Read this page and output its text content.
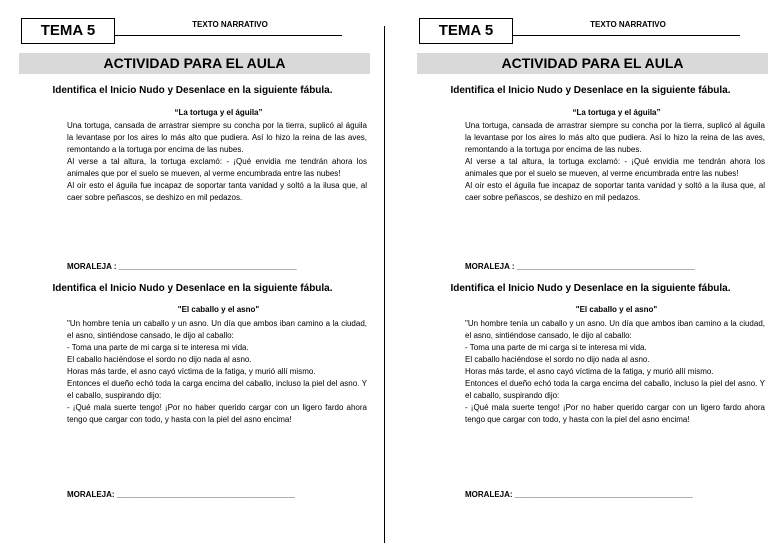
TEMA 5	TEXTO NARRATIVO
ACTIVIDAD PARA EL AULA
Identifica el Inicio Nudo y Desenlace en la siguiente fábula.
“La tortuga y el águila”

Una tortuga, cansada de arrastrar siempre su concha por la tierra, suplicó al águila la levantase por los aires lo más alto que pudiera. Así lo hizo la reina de las aves, remontando a la tortuga por encima de las nubes.

Al verse a tal altura, la tortuga exclamó: - ¡Qué envidia me tendrán ahora los animales que por el suelo se mueven, al verme encumbrada entre las nubes!

Al oír esto el águila fue incapaz de soportar tanta vanidad y soltó a la ilusa que, al caer sobre peñascos, se deshizo en mil pedazos.

MORALEJA : ________________________________________
Identifica el Inicio Nudo y Desenlace en la siguiente fábula.
"El caballo y el asno"

"Un hombre tenía un caballo y un asno. Un día que ambos iban camino a la ciudad, el asno, sintiéndose cansado, le dijo al caballo:

- Toma una parte de mi carga si te interesa mi vida.

El caballo haciéndose el sordo no dijo nada al asno.

Horas más tarde, el asno cayó víctima de la fatiga, y murió allí mismo.

Entonces el dueño echó toda la carga encima del caballo, incluso la piel del asno. Y el caballo, suspirando dijo:

- ¡Qué mala suerte tengo! ¡Por no haber querido cargar con un ligero fardo ahora tengo que cargar con todo, y hasta con la piel del asno encima!

MORALEJA: ________________________________________
TEMA 5	TEXTO NARRATIVO
ACTIVIDAD PARA EL AULA
Identifica el Inicio Nudo y Desenlace en la siguiente fábula.
“La tortuga y el águila”

Una tortuga, cansada de arrastrar siempre su concha por la tierra, suplicó al águila la levantase por los aires lo más alto que pudiera. Así lo hizo la reina de las aves, remontando a la tortuga por encima de las nubes.

Al verse a tal altura, la tortuga exclamó: - ¡Qué envidia me tendrán ahora los animales que por el suelo se mueven, al verme encumbrada entre las nubes!

Al oír esto el águila fue incapaz de soportar tanta vanidad y soltó a la ilusa que, al caer sobre peñascos, se deshizo en mil pedazos.

MORALEJA : ________________________________________
Identifica el Inicio Nudo y Desenlace en la siguiente fábula.
"El caballo y el asno"

"Un hombre tenía un caballo y un asno. Un día que ambos iban camino a la ciudad, el asno, sintiéndose cansado, le dijo al caballo:

- Toma una parte de mi carga si te interesa mi vida.

El caballo haciéndose el sordo no dijo nada al asno.

Horas más tarde, el asno cayó víctima de la fatiga, y murió allí mismo.

Entonces el dueño echó toda la carga encima del caballo, incluso la piel del asno. Y el caballo, suspirando dijo:

- ¡Qué mala suerte tengo! ¡Por no haber querido cargar con un ligero fardo ahora tengo que cargar con todo, y hasta con la piel del asno encima!

MORALEJA: ________________________________________
